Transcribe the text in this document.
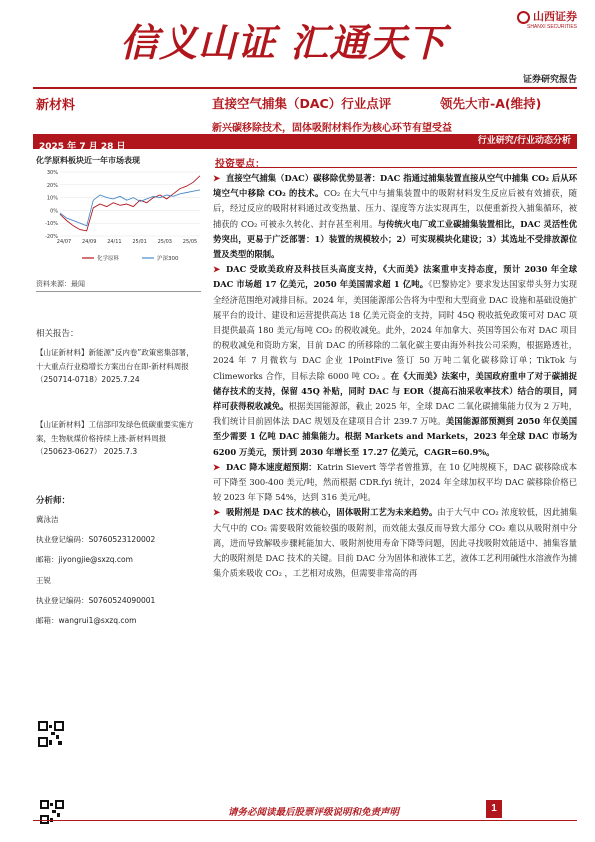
信义山证 汇通天下
山西证券
SHANXI SECURITIES
证券研究报告
新材料	直接空气捕集（DAC）行业点评	领先大市-A(维持)
新兴碳移除技术，固体吸附材料作为核心环节有望受益
2025 年 7 月 28 日
行业研究/行业动态分析
化学原料板块近一年市场表现
30%
20%
10%
0%
-10%
-20%
24/07 24/09 24/11 25/01 25/03 25/05
化学原料	沪深300
资料来源：最闻
相关报告：
【山证新材料】新能源“反内卷”政策密集部署，十大重点行业稳增长方案出台在即-新材料周报（250714-0718）2025.7.24
【山证新材料】工信部印发绿色低碳重要实施方案，生物航煤价格持续上涨-新材料周报（250623-0627） 2025.7.3
分析师：
冀泳洁
执业登记编码：S0760523120002
邮箱：jiyongjie@sxzq.com
王锐
执业登记编码：S0760524090001
邮箱：wangrui1@sxzq.com
投资要点：

➤ 直接空气捕集（DAC）碳移除优势显著：DAC 指通过捕集装置直接从空气中捕集 CO₂ 后从环境空气中移除 CO₂ 的技术。CO₂ 在大气中与捕集装置中的吸附材料发生反应后被有效捕获，随后，经过反应的吸附材料通过改变热量、压力、湿度等方法实现再生，以便重新投入捕集循环，被捕获的 CO₂ 可被永久转化、封存甚至利用。与传统火电厂或工业碳捕集装置相比，DAC 灵活性优势突出，更易于广泛部署：1）装置的规模较小；2）可实现模块化建设；3）其选址不受排放源位置及类型的限制。

➤ DAC 受欧美政府及科技巨头高度支持，《大而美》法案重申支持态度，预计 2030 年全球 DAC 市场超 17 亿美元，2050 年美国需求超 1 亿吨。《巴黎协定》要求发达国家带头努力实现全经济范围绝对减排目标。2024 年，美国能源部公告将为中型和大型商业 DAC 设施和基础设施扩展平台的设计、建设和运营提供高达 18 亿美元资金的支持，同时 45Q 税收抵免政策可对 DAC 项目提供最高 180 美元/每吨 CO₂ 的税收减免。此外，2024 年加拿大、英国等国公布对 DAC 项目的税收减免和资助方案，目前 DAC 的所移除的二氧化碳主要由海外科技公司采购，根据路透社，2024 年 7 月微软与 DAC 企业 1PointFive 签订 50 万吨二氧化碳移除订单；TikTok 与 Climeworks 合作，目标去除 6000 吨 CO₂ 。在《大而美》法案中，美国政府重申了对于碳捕捉储存技术的支持，保留 45Q 补贴，同时 DAC 与 EOR（提高石油采收率技术）结合的项目，同样可获得税收减免。根据美国能源部，截止 2025 年，全球 DAC 二氧化碳捕集能力仅为 2 万吨，我们统计目前固体法 DAC 规划及在建项目合计 239.7 万吨。美国能源部预测到 2050 年仅美国至少需要 1 亿吨 DAC 捕集能力。根据 Markets and Markets，2023 年全球 DAC 市场为 6200 万美元，预计到 2030 年增长至 17.27 亿美元，CAGR=60.9%。

➤ DAC 降本速度超预期：Katrin Sievert 等学者曾推算，在 10 亿吨规模下，DAC 碳移除成本可下降至 300-400 美元/吨，然而根据 CDR.fyi 统计，2024 年全球加权平均 DAC 碳移除价格已较 2023 年下降 54%，达到 316 美元/吨。

➤ 吸附剂是 DAC 技术的核心，固体吸附工艺为未来趋势。由于大气中 CO₂ 浓度较低，因此捕集大气中的 CO₂ 需要吸附效能较强的吸附剂，而效能太强反而导致大部分 CO₂ 难以从吸附剂中分离，进而导致解吸步骤耗能加大、吸附剂使用寿命下降等问题，因此寻找吸附效能适中、捕集容量大的吸附剂是 DAC 技术的关键。目前 DAC 分为固体和液体工艺，液体工艺利用碱性水溶液作为捕集介质来吸收 CO₂ ，工艺相对成熟，但需要非常高的再

请务必阅读最后股票评级说明和免责声明	1
